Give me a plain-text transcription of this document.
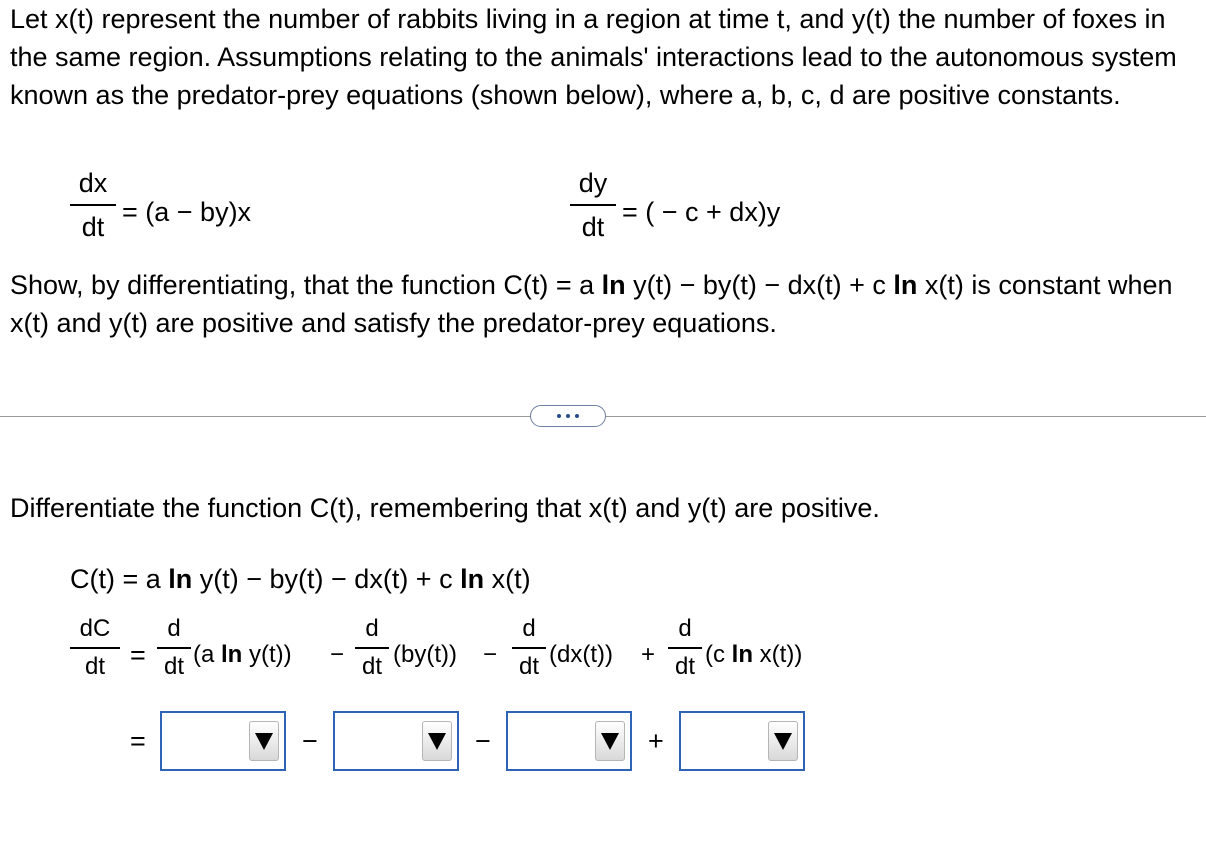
Let x(t) represent the number of rabbits living in a region at time t, and y(t) the number of foxes in the same region. Assumptions relating to the animals' interactions lead to the autonomous system known as the predator-prey equations (shown below), where a, b, c, d are positive constants.
dx
dt = (a − by)x
dy
dt = ( − c + dx)y
Show, by differentiating, that the function C(t) = a ln y(t) − by(t) − dx(t) + c ln x(t) is constant when x(t) and y(t) are positive and satisfy the predator-prey equations.
Differentiate the function C(t), remembering that x(t) and y(t) are positive.
C(t) = a ln y(t) − by(t) − dx(t) + c ln x(t)
dC
dt =
d
dt (a ln y(t)) −
d
dt (by(t)) −
d
dt (dx(t)) +
d
dt (c ln x(t))
=	−	−	+
